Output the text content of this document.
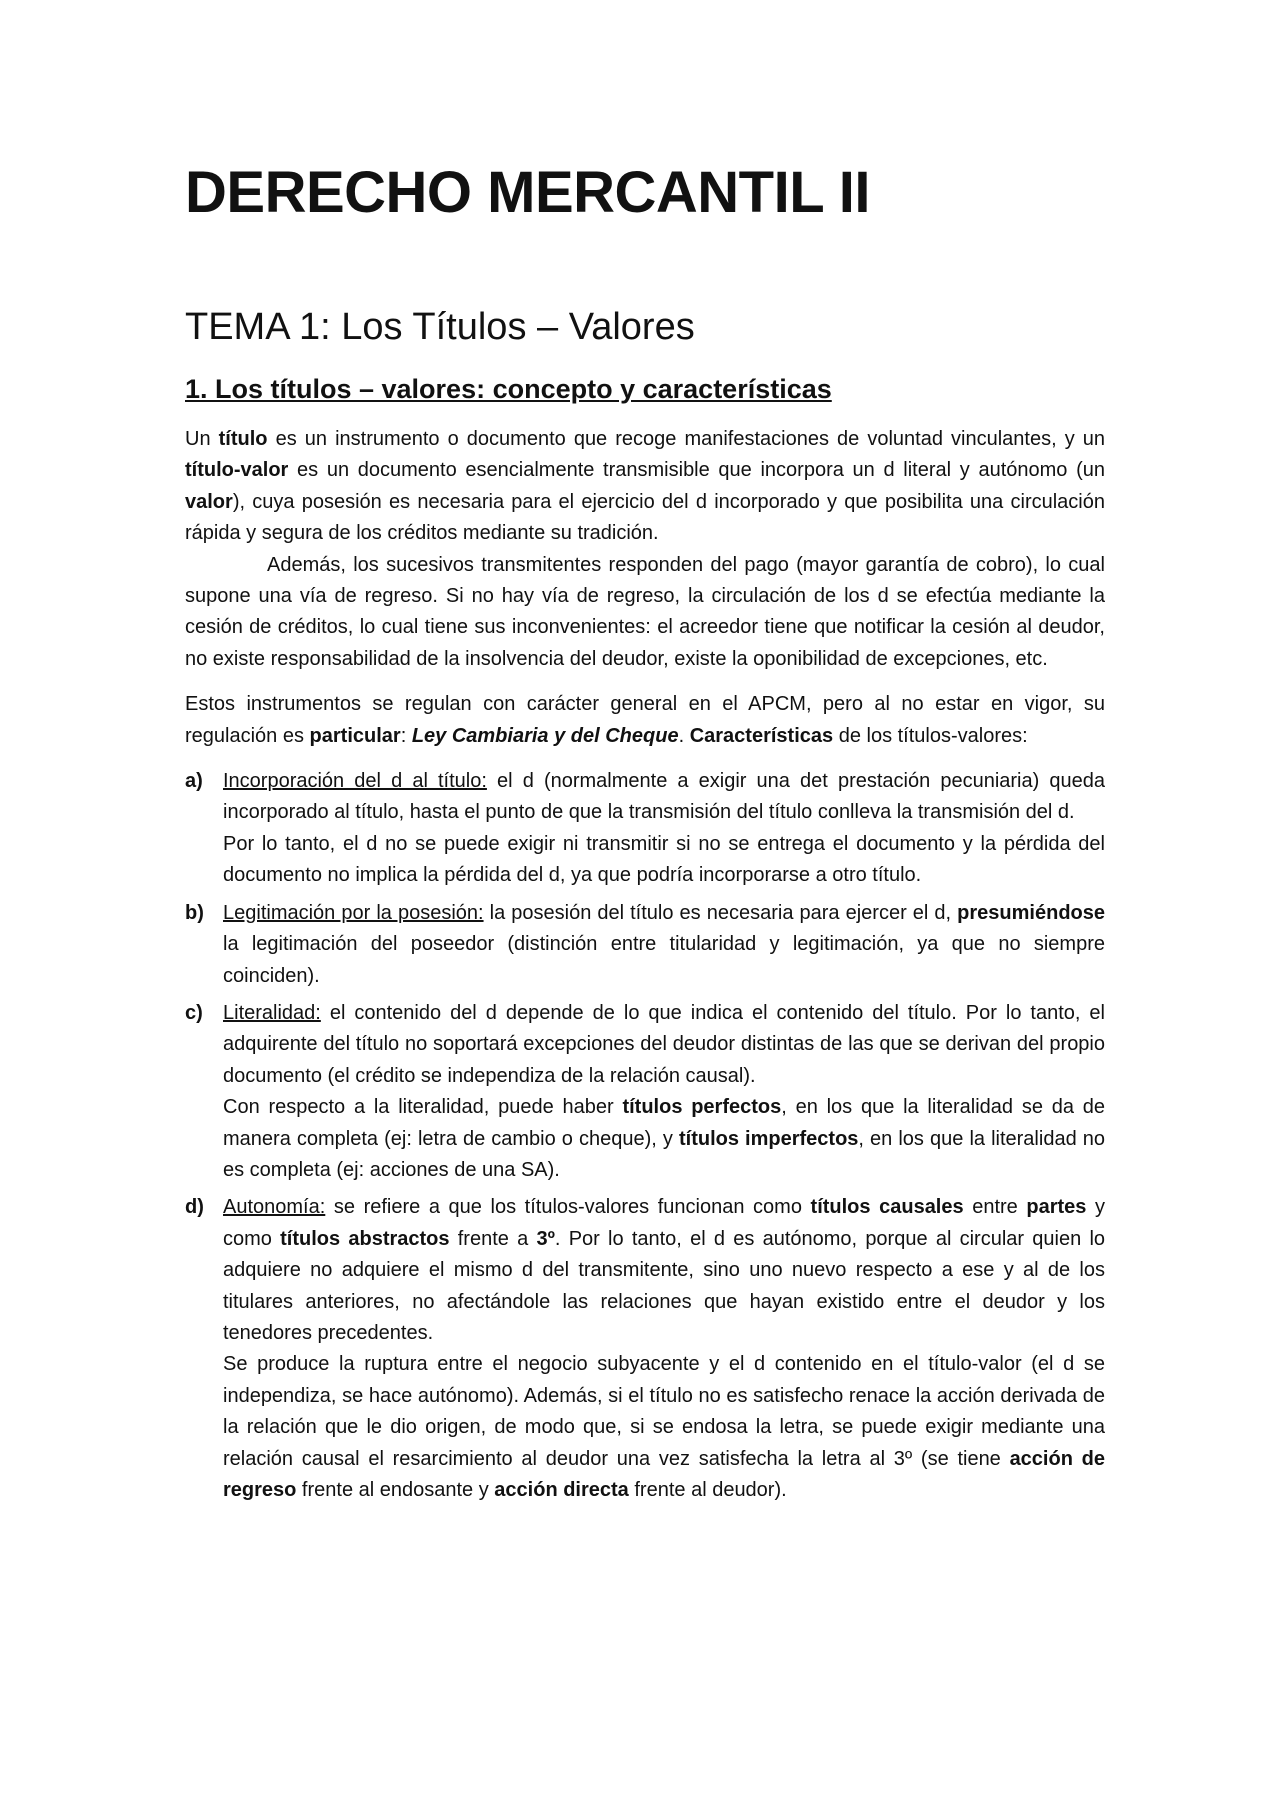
DERECHO MERCANTIL II
TEMA 1: Los Títulos – Valores
1. Los títulos – valores: concepto y características

Un título es un instrumento o documento que recoge manifestaciones de voluntad vinculantes, y un título-valor es un documento esencialmente transmisible que incorpora un d literal y autónomo (un valor), cuya posesión es necesaria para el ejercicio del d incorporado y que posibilita una circulación rápida y segura de los créditos mediante su tradición.

Además, los sucesivos transmitentes responden del pago (mayor garantía de cobro), lo cual supone una vía de regreso. Si no hay vía de regreso, la circulación de los d se efectúa mediante la cesión de créditos, lo cual tiene sus inconvenientes: el acreedor tiene que notificar la cesión al deudor, no existe responsabilidad de la insolvencia del deudor, existe la oponibilidad de excepciones, etc.

Estos instrumentos se regulan con carácter general en el APCM, pero al no estar en vigor, su regulación es particular: Ley Cambiaria y del Cheque. Características de los títulos-valores:

a) Incorporación del d al título: el d (normalmente a exigir una det prestación pecuniaria) queda incorporado al título, hasta el punto de que la transmisión del título conlleva la transmisión del d.

Por lo tanto, el d no se puede exigir ni transmitir si no se entrega el documento y la pérdida del documento no implica la pérdida del d, ya que podría incorporarse a otro título.

b) Legitimación por la posesión: la posesión del título es necesaria para ejercer el d, presumiéndose la legitimación del poseedor (distinción entre titularidad y legitimación, ya que no siempre coinciden).

c) Literalidad: el contenido del d depende de lo que indica el contenido del título. Por lo tanto, el adquirente del título no soportará excepciones del deudor distintas de las que se derivan del propio documento (el crédito se independiza de la relación causal).

Con respecto a la literalidad, puede haber títulos perfectos, en los que la literalidad se da de manera completa (ej: letra de cambio o cheque), y títulos imperfectos, en los que la literalidad no es completa (ej: acciones de una SA).

d) Autonomía: se refiere a que los títulos-valores funcionan como títulos causales entre partes y como títulos abstractos frente a 3º. Por lo tanto, el d es autónomo, porque al circular quien lo adquiere no adquiere el mismo d del transmitente, sino uno nuevo respecto a ese y al de los titulares anteriores, no afectándole las relaciones que hayan existido entre el deudor y los tenedores precedentes.

Se produce la ruptura entre el negocio subyacente y el d contenido en el título-valor (el d se independiza, se hace autónomo). Además, si el título no es satisfecho renace la acción derivada de la relación que le dio origen, de modo que, si se endosa la letra, se puede exigir mediante una relación causal el resarcimiento al deudor una vez satisfecha la letra al 3º (se tiene acción de regreso frente al endosante y acción directa frente al deudor).
